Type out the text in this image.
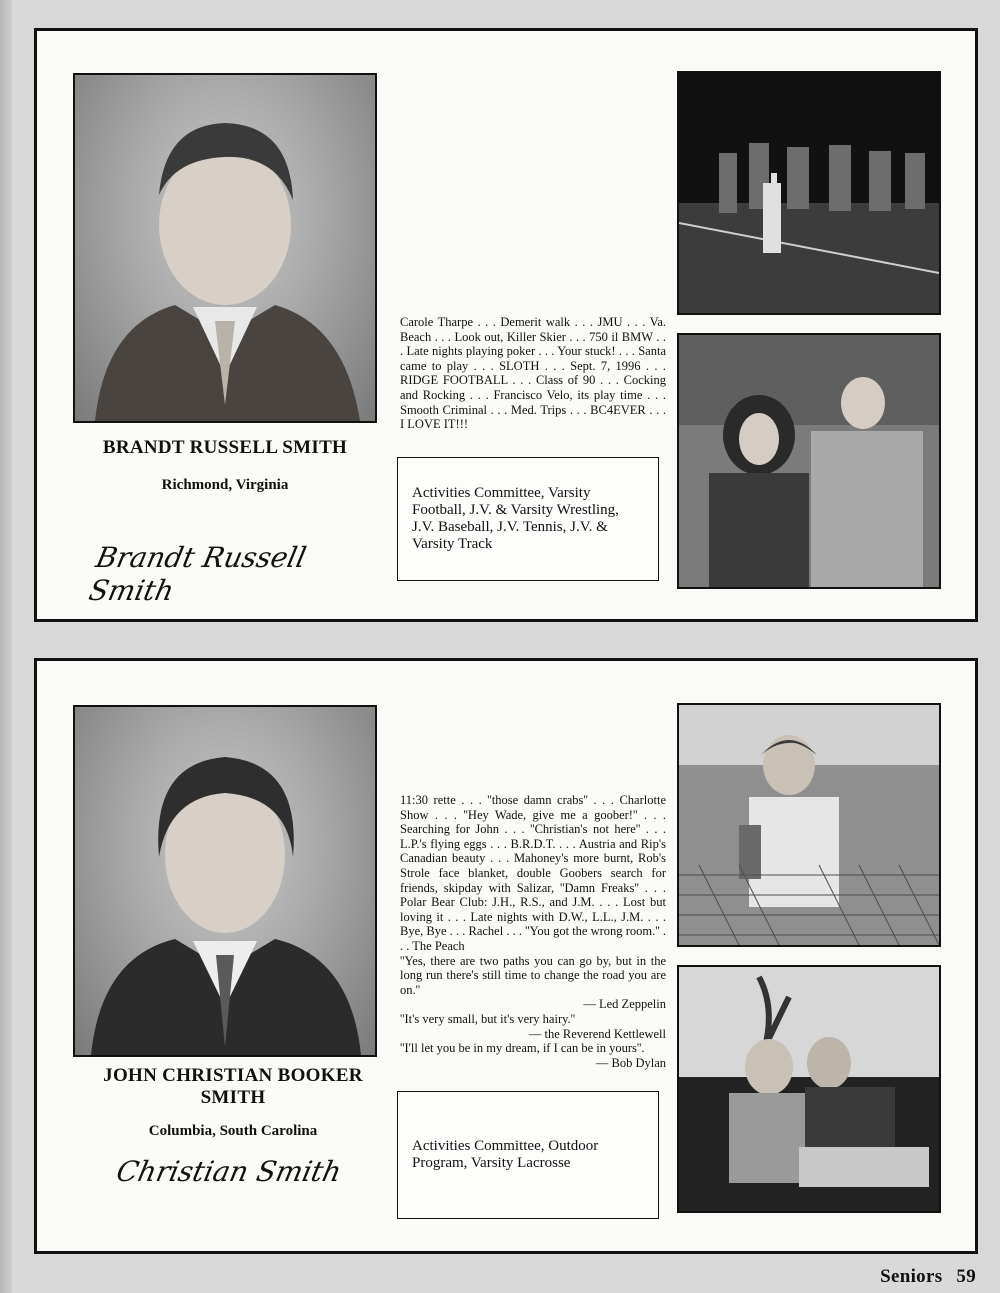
BRANDT RUSSELL SMITH
Richmond, Virginia
Brandt Russell Smith

Carole Tharpe . . . Demerit walk . . . JMU . . . Va. Beach . . . Look out, Killer Skier . . . 750 il BMW . . . Late nights playing poker . . . Your stuck! . . . Santa came to play . . . SLOTH . . . Sept. 7, 1996 . . . RIDGE FOOTBALL . . . Class of 90 . . . Cocking and Rocking . . . Francisco Velo, its play time . . . Smooth Criminal . . . Med. Trips . . . BC4EVER . . . I LOVE IT!!!

Activities Committee, Varsity Football, J.V. & Varsity Wrestling, J.V. Baseball, J.V. Tennis, J.V. & Varsity Track
JOHN CHRISTIAN BOOKER SMITH
Columbia, South Carolina
Christian Smith

11:30 rette . . . ''those damn crabs'' . . . Charlotte Show . . . ''Hey Wade, give me a goober!'' . . . Searching for John . . . ''Christian's not here'' . . . L.P.'s flying eggs . . . B.R.D.T. . . . Austria and Rip's Canadian beauty . . . Mahoney's more burnt, Rob's Strole face blanket, double Goobers search for friends, skipday with Salizar, ''Damn Freaks'' . . . Polar Bear Club: J.H., R.S., and J.M. . . . Lost but loving it . . . Late nights with D.W., L.L., J.M. . . . Bye, Bye . . . Rachel . . . ''You got the wrong room.'' . . . The Peach

''Yes, there are two paths you can go by, but in the long run there's still time to change the road you are on.''

— Led Zeppelin

''It's very small, but it's very hairy.''

— the Reverend Kettlewell

''I'll let you be in my dream, if I can be in yours''.

— Bob Dylan

Activities Committee, Outdoor Program, Varsity Lacrosse
Seniors 59
